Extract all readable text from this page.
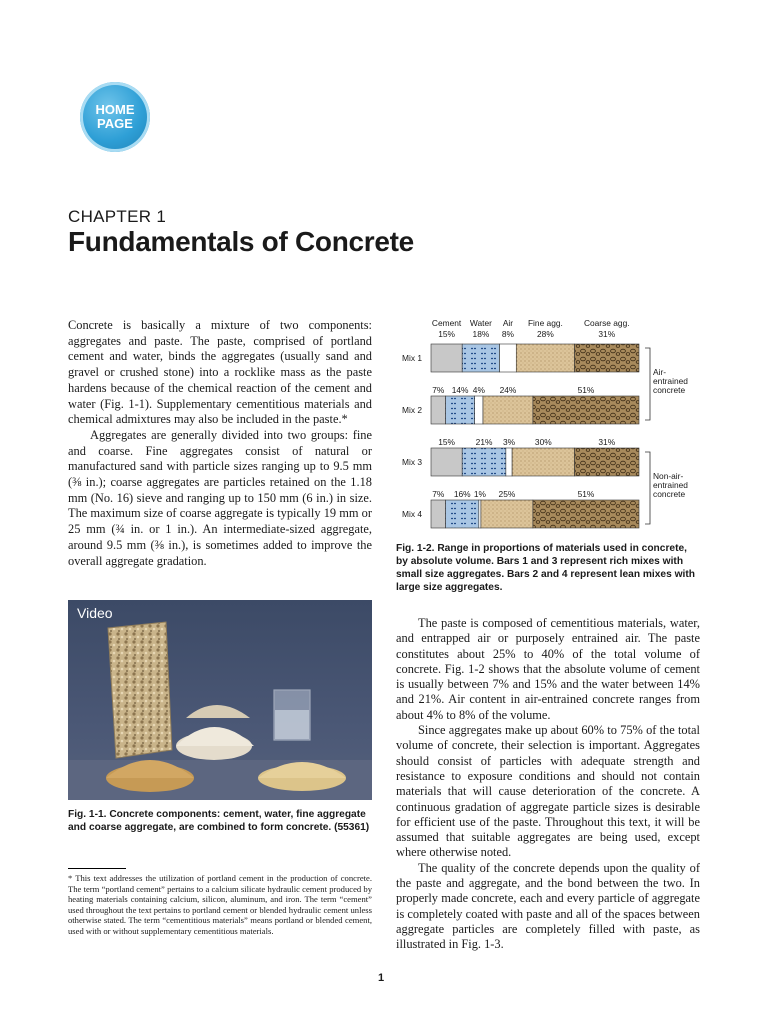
HOME
PAGE
CHAPTER 1
Fundamentals of Concrete

Concrete is basically a mixture of two components: aggregates and paste. The paste, comprised of portland cement and water, binds the aggregates (usually sand and gravel or crushed stone) into a rocklike mass as the paste hardens because of the chemical reaction of the cement and water (Fig. 1-1). Supplementary cementitious materials and chemical admixtures may also be included in the paste.*

Aggregates are generally divided into two groups: fine and coarse. Fine aggregates consist of natural or manufactured sand with particle sizes ranging up to 9.5 mm (⅜ in.); coarse aggregates are particles retained on the 1.18 mm (No. 16) sieve and ranging up to 150 mm (6 in.) in size. The maximum size of coarse aggregate is typically 19 mm or 25 mm (¾ in. or 1 in.). An intermediate-sized aggregate, around 9.5 mm (⅜ in.), is sometimes added to improve the overall aggregate gradation.

Video
Fig. 1-1. Concrete components: cement, water, fine aggregate and coarse aggregate, are combined to form concrete. (55361)
* This text addresses the utilization of portland cement in the production of concrete. The term “portland cement” pertains to a calcium silicate hydraulic cement produced by heating materials containing calcium, silicon, aluminum, and iron. The term “cement” used throughout the text pertains to portland cement or blended hydraulic cement unless otherwise stated. The term “cementitious materials” means portland or blended cement, used with or without supplementary cementitious materials.
Cement Water Air Fine agg.	Coarse agg.
Mix 1
15% 18% 8%	28%	31%
Mix 2
7% 14% 4% 24%	51%
Mix 3
15% 21% 3% 30%	31%
Mix 4
7% 16% 1% 25%	51%
Air-
entrained
concrete
Non-air-
entrained
concrete
Fig. 1-2. Range in proportions of materials used in concrete, by absolute volume. Bars 1 and 3 represent rich mixes with small size aggregates. Bars 2 and 4 represent lean mixes with large size aggregates.

The paste is composed of cementitious materials, water, and entrapped air or purposely entrained air. The paste constitutes about 25% to 40% of the total volume of concrete. Fig. 1-2 shows that the absolute volume of cement is usually between 7% and 15% and the water between 14% and 21%. Air content in air-entrained concrete ranges from about 4% to 8% of the volume.

Since aggregates make up about 60% to 75% of the total volume of concrete, their selection is important. Aggregates should consist of particles with adequate strength and resistance to exposure conditions and should not contain materials that will cause deterioration of the concrete. A continuous gradation of aggregate particle sizes is desirable for efficient use of the paste. Throughout this text, it will be assumed that suitable aggregates are being used, except where otherwise noted.

The quality of the concrete depends upon the quality of the paste and aggregate, and the bond between the two. In properly made concrete, each and every particle of aggregate is completely coated with paste and all of the spaces between aggregate particles are completely filled with paste, as illustrated in Fig. 1-3.

1
